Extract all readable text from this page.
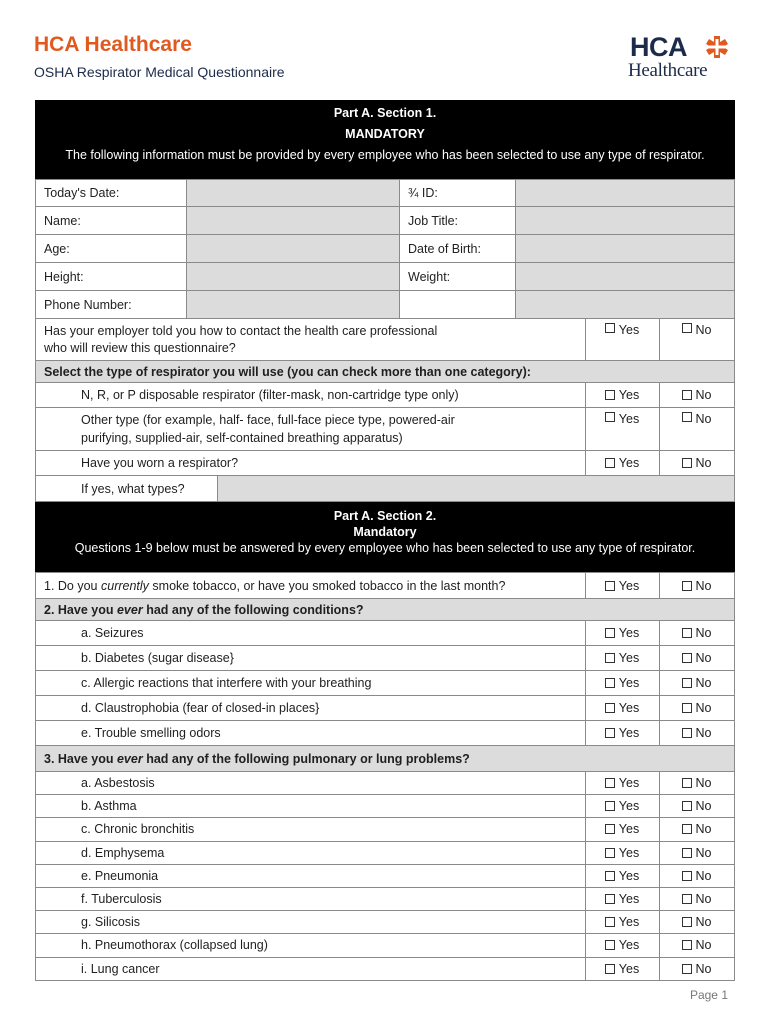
HCA Healthcare
OSHA Respirator Medical Questionnaire
HCA
Healthcare
Part A. Section 1.
MANDATORY
The following information must be provided by every employee who has been selected to use any type of respirator.
Today's Date:	¾ ID:
Name:	Job Title:
Age:	Date of Birth:
Height:	Weight:
Phone Number:
Has your employer told you how to contact the health care professional
who will review this questionnaire?
Yes	No
Select the type of respirator you will use (you can check more than one category):
N, R, or P disposable respirator (filter-mask, non-cartridge type only)	Yes	No
Other type (for example, half- face, full-face piece type, powered-air
purifying, supplied-air, self-contained breathing apparatus)
Yes	No
Have you worn a respirator?	Yes	No
If yes, what types?
Part A. Section 2.
Mandatory
Questions 1-9 below must be answered by every employee who has been selected to use any type of respirator.
1. Do you
currently
smoke tobacco, or have you smoked tobacco in the last month?	Yes	No
2. Have you
ever
had any of the following conditions?
a. Seizures	Yes	No
b. Diabetes (sugar disease}	Yes	No
c. Allergic reactions that interfere with your breathing	Yes	No
d. Claustrophobia (fear of closed-in places}	Yes	No
e. Trouble smelling odors	Yes	No
3. Have you
ever
had any of the following pulmonary or lung problems?
a. Asbestosis	Yes	No
b. Asthma	Yes	No
c. Chronic bronchitis	Yes	No
d. Emphysema	Yes	No
e. Pneumonia	Yes	No
f. Tuberculosis	Yes	No
g. Silicosis	Yes	No
h. Pneumothorax (collapsed lung)	Yes	No
i. Lung cancer	Yes	No
Page 1
